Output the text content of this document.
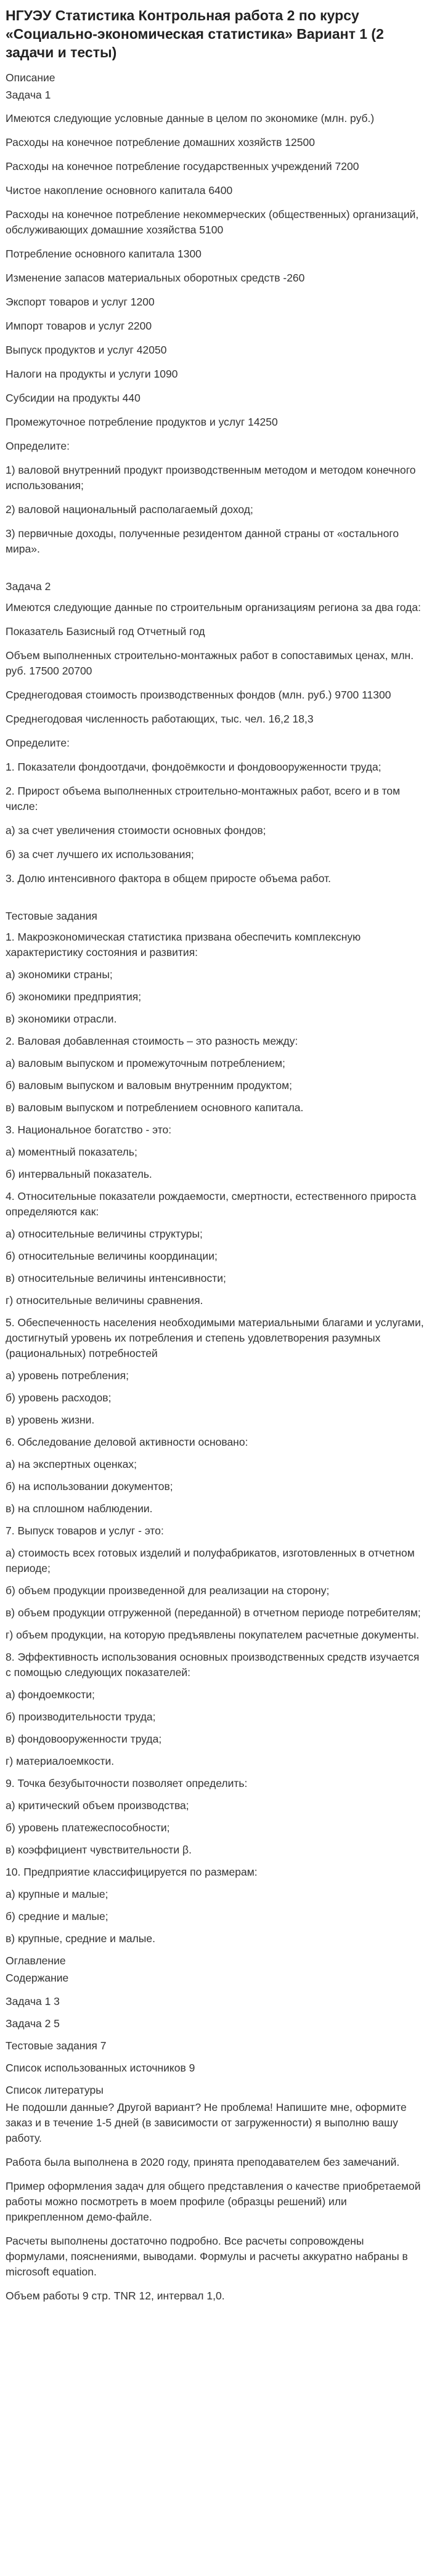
НГУЭУ Статистика Контрольная работа 2 по курсу «Социально-экономическая статистика» Вариант 1 (2 задачи и тесты)
Описание
Задача 1

Имеются следующие условные данные в целом по экономике (млн. руб.)

Расходы на конечное потребление домашних хозяйств 12500

Расходы на конечное потребление государственных учреждений 7200

Чистое накопление основного капитала 6400

Расходы на конечное потребление некоммерческих (общественных) организаций, обслуживающих домашние хозяйства 5100

Потребление основного капитала 1300

Изменение запасов материальных оборотных средств -260

Экспорт товаров и услуг 1200

Импорт товаров и услуг 2200

Выпуск продуктов и услуг 42050

Налоги на продукты и услуги 1090

Субсидии на продукты 440

Промежуточное потребление продуктов и услуг 14250

Определите:

1) валовой внутренний продукт производственным методом и методом конечного использования;

2) валовой национальный располагаемый доход;

3) первичные доходы, полученные резидентом данной страны от «остального мира».

Задача 2

Имеются следующие данные по строительным организациям региона за два года:

Показатель Базисный год Отчетный год

Объем выполненных строительно-монтажных работ в сопоставимых ценах, млн. руб. 17500 20700

Среднегодовая стоимость производственных фондов (млн. руб.) 9700 11300

Среднегодовая численность работающих, тыс. чел. 16,2 18,3

Определите:

1. Показатели фондоотдачи, фондоёмкости и фондовооруженности труда;

2. Прирост объема выполненных строительно-монтажных работ, всего и в том числе:

а) за счет увеличения стоимости основных фондов;

б) за счет лучшего их использования;

3. Долю интенсивного фактора в общем приросте объема работ.

Тестовые задания

1. Макроэкономическая статистика призвана обеспечить комплексную характеристику состояния и развития:

а) экономики страны;

б) экономики предприятия;

в) экономики отрасли.

2. Валовая добавленная стоимость – это разность между:

а) валовым выпуском и промежуточным потреблением;

б) валовым выпуском и валовым внутренним продуктом;

в) валовым выпуском и потреблением основного капитала.

3. Национальное богатство - это:

а) моментный показатель;

б) интервальный показатель.

4. Относительные показатели рождаемости, смертности, естественного прироста определяются как:

а) относительные величины структуры;

б) относительные величины координации;

в) относительные величины интенсивности;

г) относительные величины сравнения.

5. Обеспеченность населения необходимыми материальными благами и услугами, достигнутый уровень их потребления и степень удовлетворения разумных (рациональных) потребностей

а) уровень потребления;

б) уровень расходов;

в) уровень жизни.

6. Обследование деловой активности основано:

а) на экспертных оценках;

б) на использовании документов;

в) на сплошном наблюдении.

7. Выпуск товаров и услуг - это:

а) стоимость всех готовых изделий и полуфабрикатов, изготовленных в отчетном периоде;

б) объем продукции произведенной для реализации на сторону;

в) объем продукции отгруженной (переданной) в отчетном периоде потребителям;

г) объем продукции, на которую предъявлены покупателем расчетные документы.

8. Эффективность использования основных производственных средств изучается с помощью следующих показателей:

а) фондоемкости;

б) производительности труда;

в) фондовооруженности труда;

г) материалоемкости.

9. Точка безубыточности позволяет определить:

а) критический объем производства;

б) уровень платежеспособности;

в) коэффициент чувствительности β.

10. Предприятие классифицируется по размерам:

а) крупные и малые;

б) средние и малые;

в) крупные, средние и малые.

Оглавление
Содержание

Задача 1 3

Задача 2 5

Тестовые задания 7

Список использованных источников 9

Список литературы

Не подошли данные? Другой вариант? Не проблема! Напишите мне, оформите заказ и в течение 1-5 дней (в зависимости от загруженности) я выполню вашу работу.

Работа была выполнена в 2020 году, принята преподавателем без замечаний.

Пример оформления задач для общего представления о качестве приобретаемой работы можно посмотреть в моем профиле (образцы решений) или прикрепленном демо-файле.

Расчеты выполнены достаточно подробно. Все расчеты сопровождены формулами, пояснениями, выводами. Формулы и расчеты аккуратно набраны в microsoft equation.

Объем работы 9 стр. TNR 12, интервал 1,0.
